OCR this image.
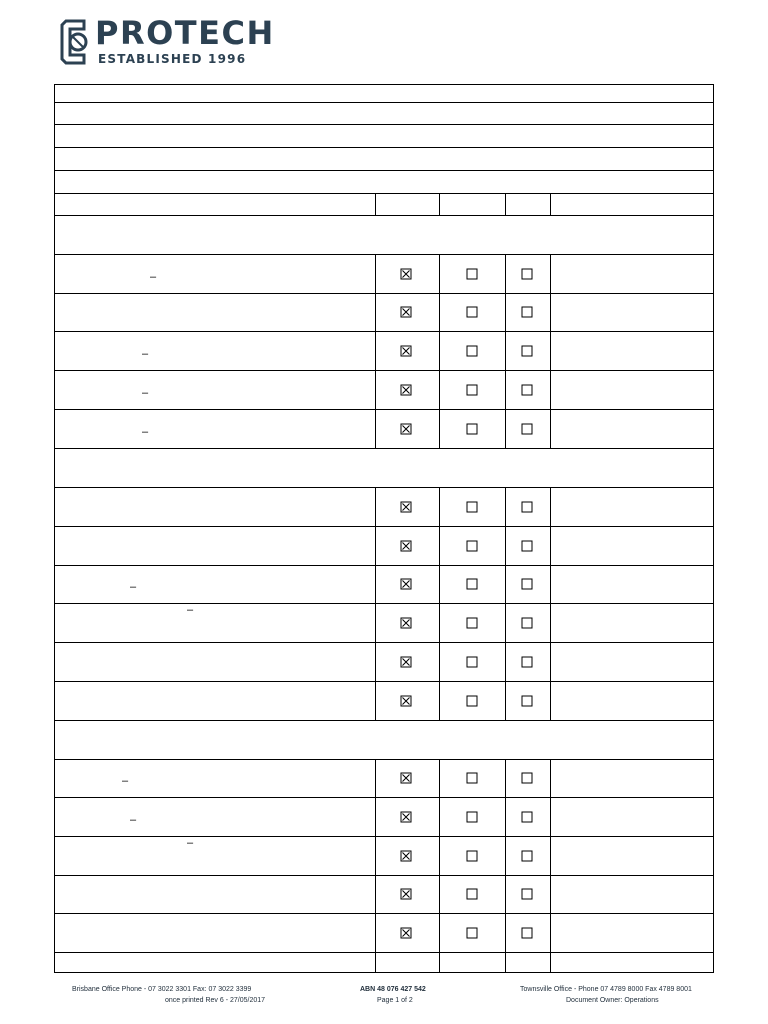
PROTECH
ESTABLISHED 1996
–
–
–
–
–
–
–
–
–
Brisbane Office Phone - 07 3022 3301 Fax: 07 3022 3399
once printed Rev 6 - 27/05/2017
ABN 48 076 427 542
Page 1 of 2
Townsville Office - Phone 07 4789 8000 Fax 4789 8001
Document Owner: Operations
